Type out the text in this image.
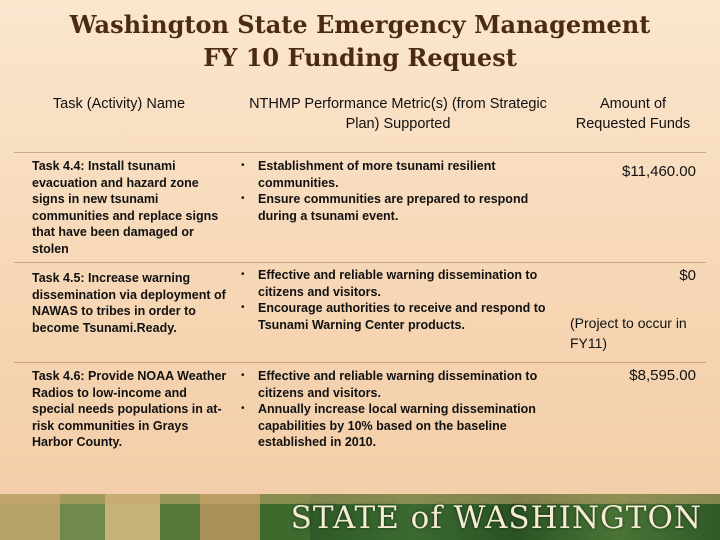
Washington State Emergency Management
FY 10 Funding Request
Task (Activity) Name	NTHMP Performance Metric(s) (from Strategic Plan) Supported
Amount of Requested Funds
Task 4.4: Install tsunami evacuation and hazard zone signs in new tsunami communities and replace signs that have been damaged or stolen
• Establishment of more tsunami resilient communities.
• Ensure communities are prepared to respond during a tsunami event.
$11,460.00
Task 4.5: Increase warning dissemination via deployment of NAWAS to tribes in order to become Tsunami.Ready.
• Effective and reliable warning dissemination to citizens and visitors.
• Encourage authorities to receive and respond to Tsunami Warning Center products.
$0
(Project to occur in FY11)
Task 4.6: Provide NOAA Weather Radios to low-income and special needs populations in at-risk communities in Grays Harbor County.
• Effective and reliable warning dissemination to citizens and visitors.
• Annually increase local warning dissemination capabilities by 10% based on the baseline established in 2010.
$8,595.00
STATE of WASHINGTON
